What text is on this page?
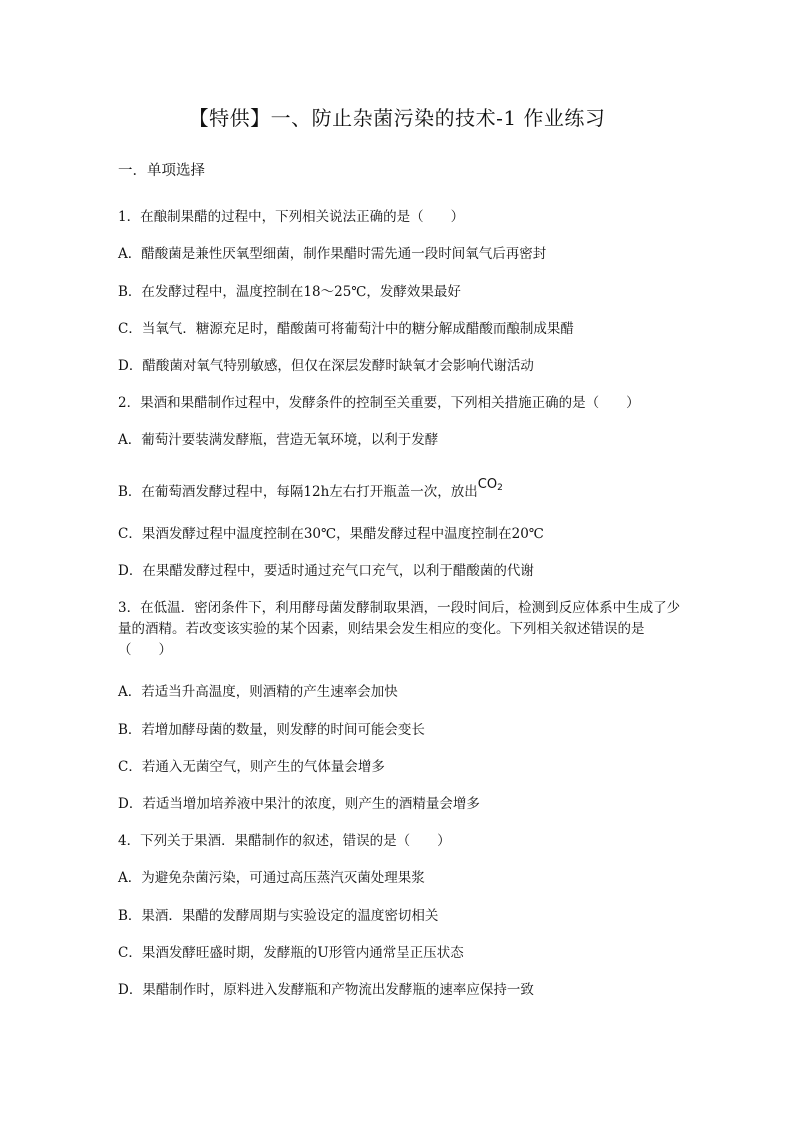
【特供】一、防止杂菌污染的技术-1 作业练习
一．单项选择
1．在酿制果醋的过程中，下列相关说法正确的是（　　）
A．醋酸菌是兼性厌氧型细菌，制作果醋时需先通一段时间氧气后再密封
B．在发酵过程中，温度控制在18～25℃，发酵效果最好
C．当氧气．糖源充足时，醋酸菌可将葡萄汁中的糖分解成醋酸而酿制成果醋
D．醋酸菌对氧气特别敏感，但仅在深层发酵时缺氧才会影响代谢活动
2．果酒和果醋制作过程中，发酵条件的控制至关重要，下列相关措施正确的是（　　）
A．葡萄汁要装满发酵瓶，营造无氧环境，以利于发酵
B．在葡萄酒发酵过程中，每隔12h左右打开瓶盖一次，放出$CO_2$
C．果酒发酵过程中温度控制在30℃，果醋发酵过程中温度控制在20℃
D．在果醋发酵过程中，要适时通过充气口充气，以利于醋酸菌的代谢
3．在低温．密闭条件下，利用酵母菌发酵制取果酒，一段时间后，检测到反应体系中生成了少量的酒精。若改变该实验的某个因素，则结果会发生相应的变化。下列相关叙述错误的是（　　）
A．若适当升高温度，则酒精的产生速率会加快
B．若增加酵母菌的数量，则发酵的时间可能会变长
C．若通入无菌空气，则产生的气体量会增多
D．若适当增加培养液中果汁的浓度，则产生的酒精量会增多
4．下列关于果酒．果醋制作的叙述，错误的是（　　）
A．为避免杂菌污染，可通过高压蒸汽灭菌处理果浆
B．果酒．果醋的发酵周期与实验设定的温度密切相关
C．果酒发酵旺盛时期，发酵瓶的U形管内通常呈正压状态
D．果醋制作时，原料进入发酵瓶和产物流出发酵瓶的速率应保持一致
